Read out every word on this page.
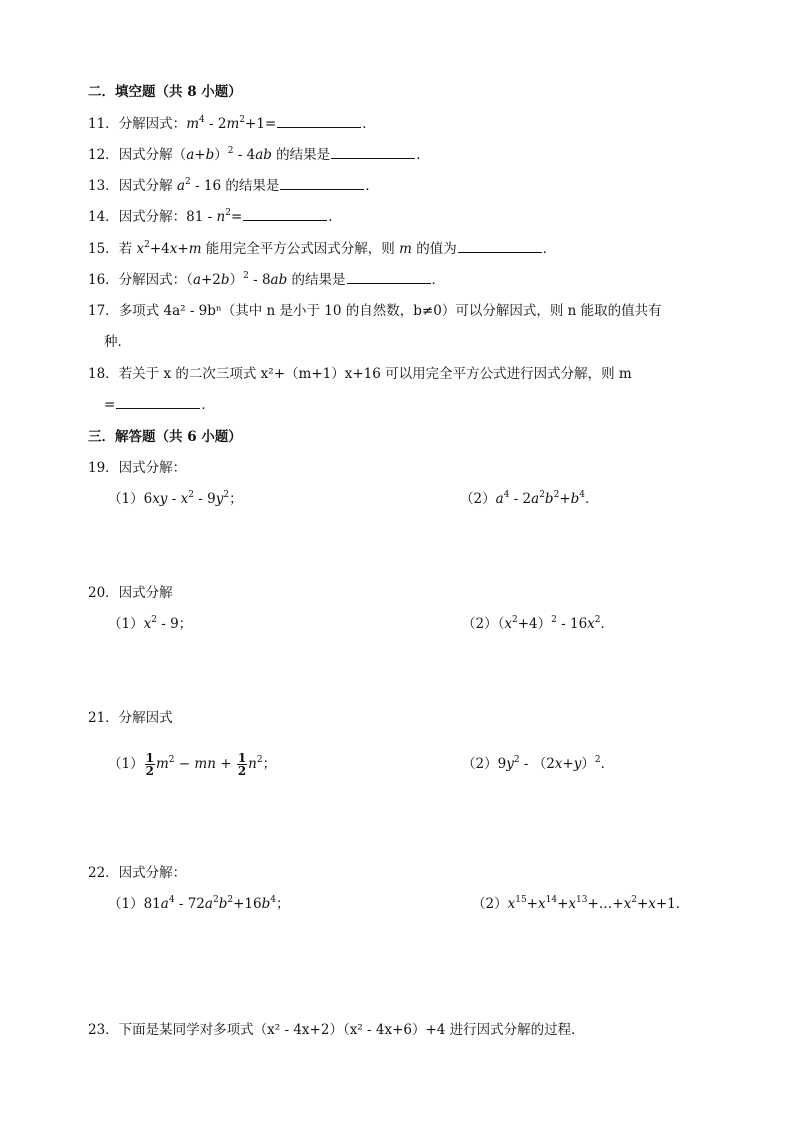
二．填空题（共 8 小题）
11．分解因式：$m^4 - 2m^2+1=$	．
12．因式分解$(a+b)^2 - 4ab$ 的结果是	．
13．因式分解 $a^2 - 16$ 的结果是	．
14．因式分解：$81 - n^2=$	．
15．若 $x^2+4x+m$ 能用完全平方公式因式分解，则 m 的值为	．
16．分解因式：$(a+2b)^2 - 8ab$ 的结果是	．
17．多项式 4a² - 9bⁿ（其中 n 是小于 10 的自然数，b≠0）可以分解因式，则 n 能取的值共有
种．
18．若关于 x 的二次三项式 x²+（m+1）x+16 可以用完全平方公式进行因式分解，则 m
=	．
三．解答题（共 6 小题）
19．因式分解：
$(1)6xy - x^2 - 9y^2$；	$(2)a^4 - 2a^2b^2+b^4$．
20．因式分解
$(1)x^2 - 9$；	$(2)(x^2+4)^2 - 16x^2$．
21．分解因式
$(1) \frac{1}{2} m^2$ − mn + $\frac{1}{2} n^2$；	$(2)9y^2 - (2x+y)^2$．
22．因式分解：
$(1)81a^4 - 72a^2b^2+16b^4$；	$(2)x^{15}+x^{14}+x^{13}+\dots+x^2+x+1$．
23．下面是某同学对多项式（x² - 4x+2）（x² - 4x+6）+4 进行因式分解的过程．
